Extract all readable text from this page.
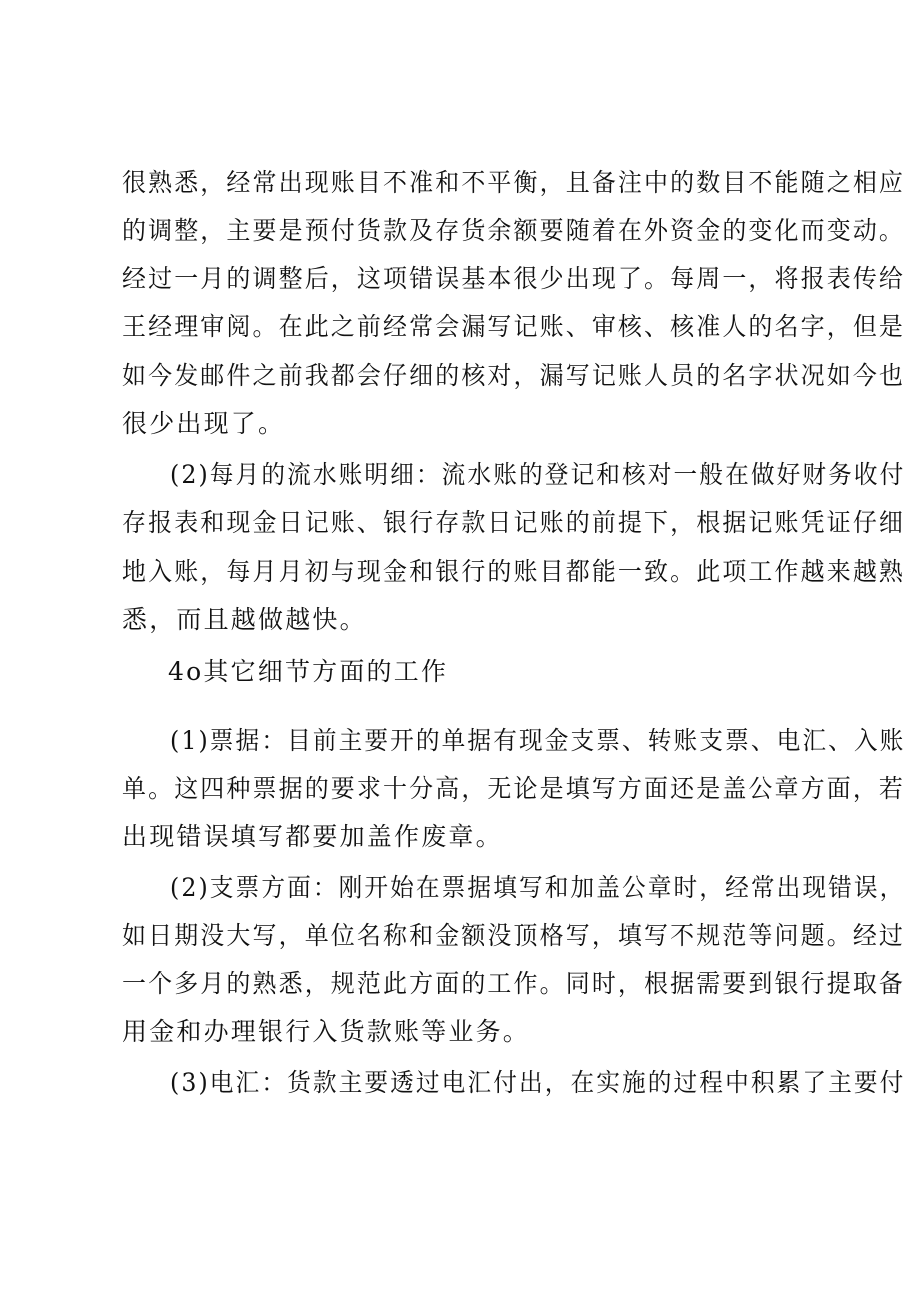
很熟悉，经常出现账目不准和不平衡，且备注中的数目不能随之相应
的调整，主要是预付货款及存货余额要随着在外资金的变化而变动。
经过一月的调整后，这项错误基本很少出现了。每周一，将报表传给
王经理审阅。在此之前经常会漏写记账、审核、核准人的名字，但是
如今发邮件之前我都会仔细的核对，漏写记账人员的名字状况如今也
很少出现了。
(2)每月的流水账明细：流水账的登记和核对一般在做好财务收付
存报表和现金日记账、银行存款日记账的前提下，根据记账凭证仔细
地入账，每月月初与现金和银行的账目都能一致。此项工作越来越熟
悉，而且越做越快。
4o其它细节方面的工作
(1)票据：目前主要开的单据有现金支票、转账支票、电汇、入账
单。这四种票据的要求十分高，无论是填写方面还是盖公章方面，若
出现错误填写都要加盖作废章。
(2)支票方面：刚开始在票据填写和加盖公章时，经常出现错误，
如日期没大写，单位名称和金额没顶格写，填写不规范等问题。经过
一个多月的熟悉，规范此方面的工作。同时，根据需要到银行提取备
用金和办理银行入货款账等业务。
(3)电汇：货款主要透过电汇付出，在实施的过程中积累了主要付
